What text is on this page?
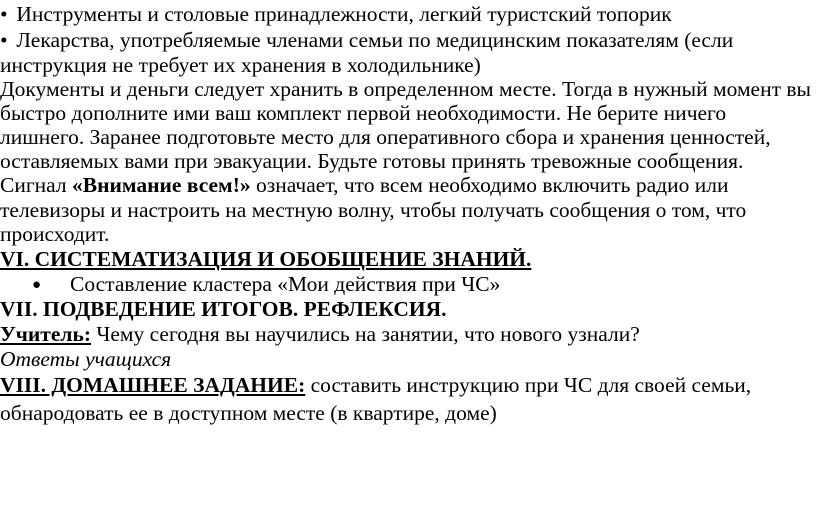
• Инструменты и столовые принадлежности, легкий туристский топорик

• Лекарства, употребляемые членами семьи по медицинским показателям (если

инструкция не требует их хранения в холодильнике)

Документы и деньги следует хранить в определенном месте. Тогда в нужный момент вы

быстро дополните ими ваш комплект первой необходимости. Не берите ничего

лишнего. Заранее подготовьте место для оперативного сбора и хранения ценностей,

оставляемых вами при эвакуации. Будьте готовы принять тревожные сообщения.

Сигнал «Внимание всем!» означает, что всем необходимо включить радио или

телевизоры и настроить на местную волну, чтобы получать сообщения о том, что

происходит.

VI. СИСТЕМАТИЗАЦИЯ И ОБОБЩЕНИЕ ЗНАНИЙ.

● Составление кластера «Мои действия при ЧС»

VII. ПОДВЕДЕНИЕ ИТОГОВ. РЕФЛЕКСИЯ.

Учитель: Чему сегодня вы научились на занятии, что нового узнали?

Ответы учащихся

VIII. ДОМАШНЕЕ ЗАДАНИЕ: составить инструкцию при ЧС для своей семьи,

обнародовать ее в доступном месте (в квартире, доме)
